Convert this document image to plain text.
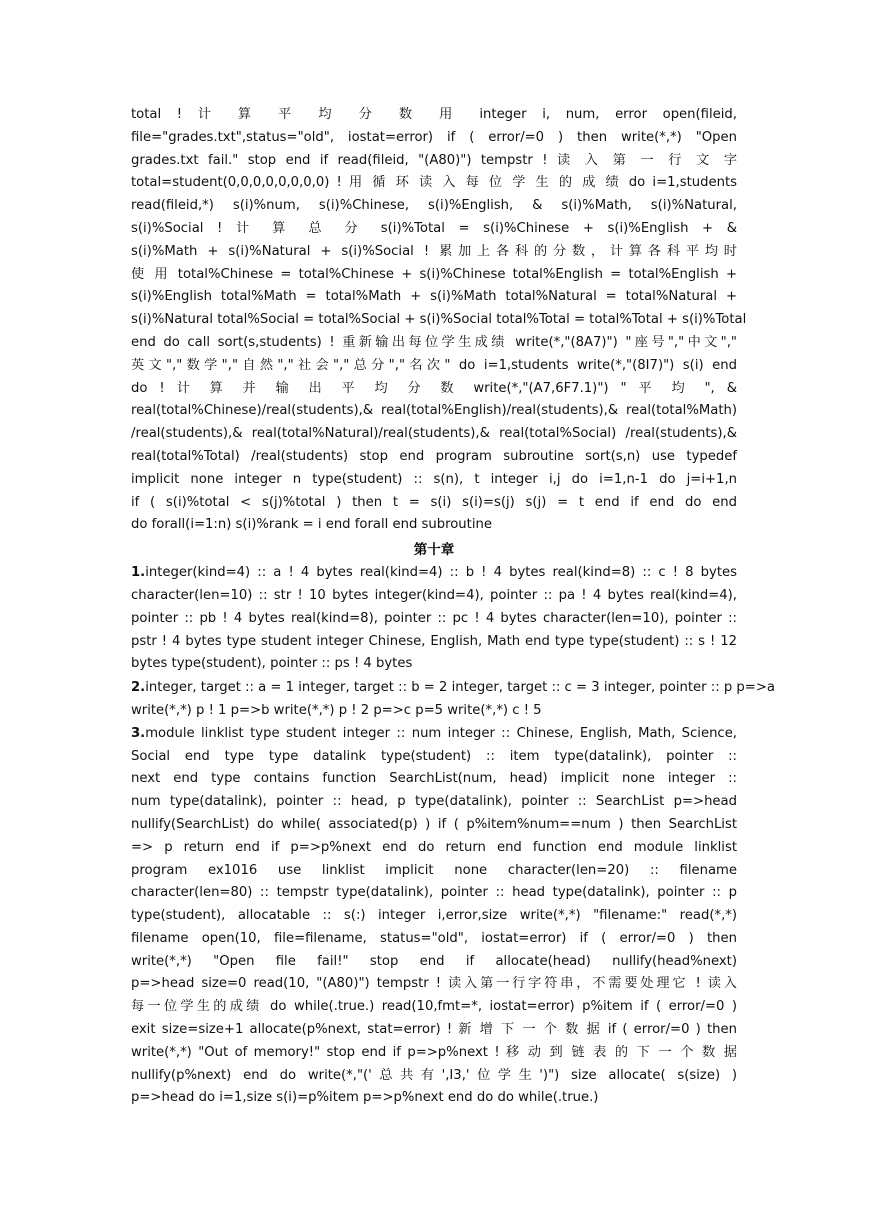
total ! 计 算 平 均 分 数 用 integer i, num, error open(fileid,

file="grades.txt",status="old", iostat=error) if ( error/=0 ) then write(*,*) "Open

grades.txt fail." stop end if read(fileid, "(A80)") tempstr ! 读 入 第 一 行 文 字

total=student(0,0,0,0,0,0,0,0) ! 用 循 环 读 入 每 位 学 生 的 成 绩 do i=1,students

read(fileid,*) s(i)%num, s(i)%Chinese, s(i)%English, & s(i)%Math, s(i)%Natural,

s(i)%Social ! 计 算 总 分 s(i)%Total = s(i)%Chinese + s(i)%English + &

s(i)%Math + s(i)%Natural + s(i)%Social ! 累加上各科的分数，计算各科平均时

使 用 total%Chinese = total%Chinese + s(i)%Chinese total%English = total%English +

s(i)%English total%Math = total%Math + s(i)%Math total%Natural = total%Natural +

s(i)%Natural total%Social = total%Social + s(i)%Social total%Total = total%Total + s(i)%Total

end do call sort(s,students) ! 重新输出每位学生成绩 write(*,"(8A7)") "座号","中文","

英文","数学","自然","社会","总分","名次" do i=1,students write(*,"(8I7)") s(i) end

do ! 计 算 并 输 出 平 均 分 数 write(*,"(A7,6F7.1)") " 平 均 ", &

real(total%Chinese)/real(students),& real(total%English)/real(students),& real(total%Math)

/real(students),& real(total%Natural)/real(students),& real(total%Social) /real(students),&

real(total%Total) /real(students) stop end program subroutine sort(s,n) use typedef

implicit none integer n type(student) :: s(n), t integer i,j do i=1,n-1 do j=i+1,n

if ( s(i)%total < s(j)%total ) then t = s(i) s(i)=s(j) s(j) = t end if end do end

do forall(i=1:n) s(i)%rank = i end forall end subroutine

第十章

1.integer(kind=4) :: a ! 4 bytes real(kind=4) :: b ! 4 bytes real(kind=8) :: c ! 8 bytes

character(len=10) :: str ! 10 bytes integer(kind=4), pointer :: pa ! 4 bytes real(kind=4),

pointer :: pb ! 4 bytes real(kind=8), pointer :: pc ! 4 bytes character(len=10), pointer ::

pstr ! 4 bytes type student integer Chinese, English, Math end type type(student) :: s ! 12

bytes type(student), pointer :: ps ! 4 bytes

2.integer, target :: a = 1 integer, target :: b = 2 integer, target :: c = 3 integer, pointer :: p p=>a

write(*,*) p ! 1 p=>b write(*,*) p ! 2 p=>c p=5 write(*,*) c ! 5

3.module linklist type student integer :: num integer :: Chinese, English, Math, Science,

Social end type type datalink type(student) :: item type(datalink), pointer ::

next end type contains function SearchList(num, head) implicit none integer ::

num type(datalink), pointer :: head, p type(datalink), pointer :: SearchList p=>head

nullify(SearchList) do while( associated(p) ) if ( p%item%num==num ) then SearchList

=> p return end if p=>p%next end do return end function end module linklist

program ex1016 use linklist implicit none character(len=20) :: filename

character(len=80) :: tempstr type(datalink), pointer :: head type(datalink), pointer :: p

type(student), allocatable :: s(:) integer i,error,size write(*,*) "filename:" read(*,*)

filename open(10, file=filename, status="old", iostat=error) if ( error/=0 ) then

write(*,*) "Open file fail!" stop end if allocate(head) nullify(head%next)

p=>head size=0 read(10, "(A80)") tempstr ! 读入第一行字符串，不需要处理它 ! 读入

每一位学生的成绩 do while(.true.) read(10,fmt=*, iostat=error) p%item if ( error/=0 )

exit size=size+1 allocate(p%next, stat=error) ! 新 增 下 一 个 数 据 if ( error/=0 ) then

write(*,*) "Out of memory!" stop end if p=>p%next ! 移 动 到 链 表 的 下 一 个 数 据

nullify(p%next) end do write(*,"('总共有',I3,'位学生')") size allocate( s(size) )

p=>head do i=1,size s(i)=p%item p=>p%next end do do while(.true.)
